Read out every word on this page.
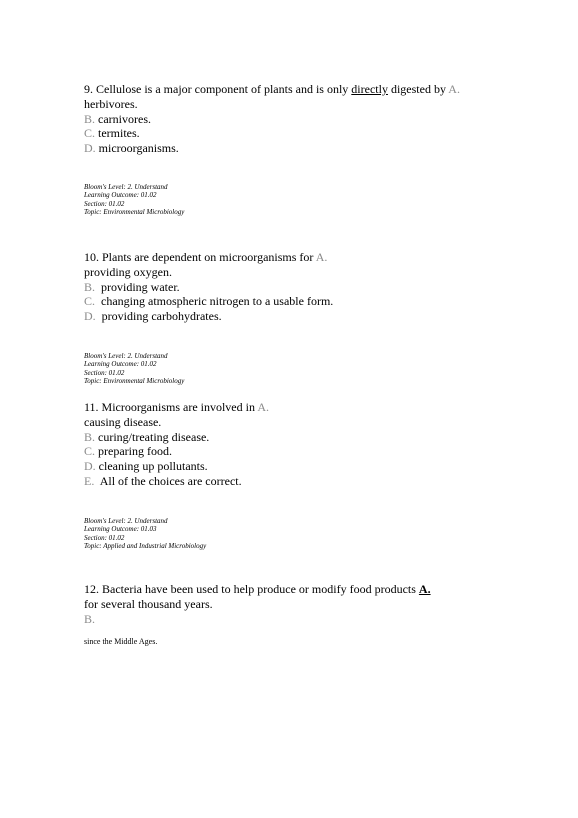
9. Cellulose is a major component of plants and is only directly digested by A.
herbivores.
B. carnivores.
C. termites.
D. microorganisms.
Bloom's Level: 2. Understand
Learning Outcome: 01.02
Section: 01.02
Topic: Environmental Microbiology
10. Plants are dependent on microorganisms for A.
providing oxygen.
B. providing water.
C. changing atmospheric nitrogen to a usable form.
D. providing carbohydrates.
Bloom's Level: 2. Understand
Learning Outcome: 01.02
Section: 01.02
Topic: Environmental Microbiology
11. Microorganisms are involved in A.
causing disease.
B. curing/treating disease.
C. preparing food.
D. cleaning up pollutants.
E. All of the choices are correct.
Bloom's Level: 2. Understand
Learning Outcome: 01.03
Section: 01.02
Topic: Applied and Industrial Microbiology
12. Bacteria have been used to help produce or modify food products A.
for several thousand years.
B.
since the Middle Ages.
